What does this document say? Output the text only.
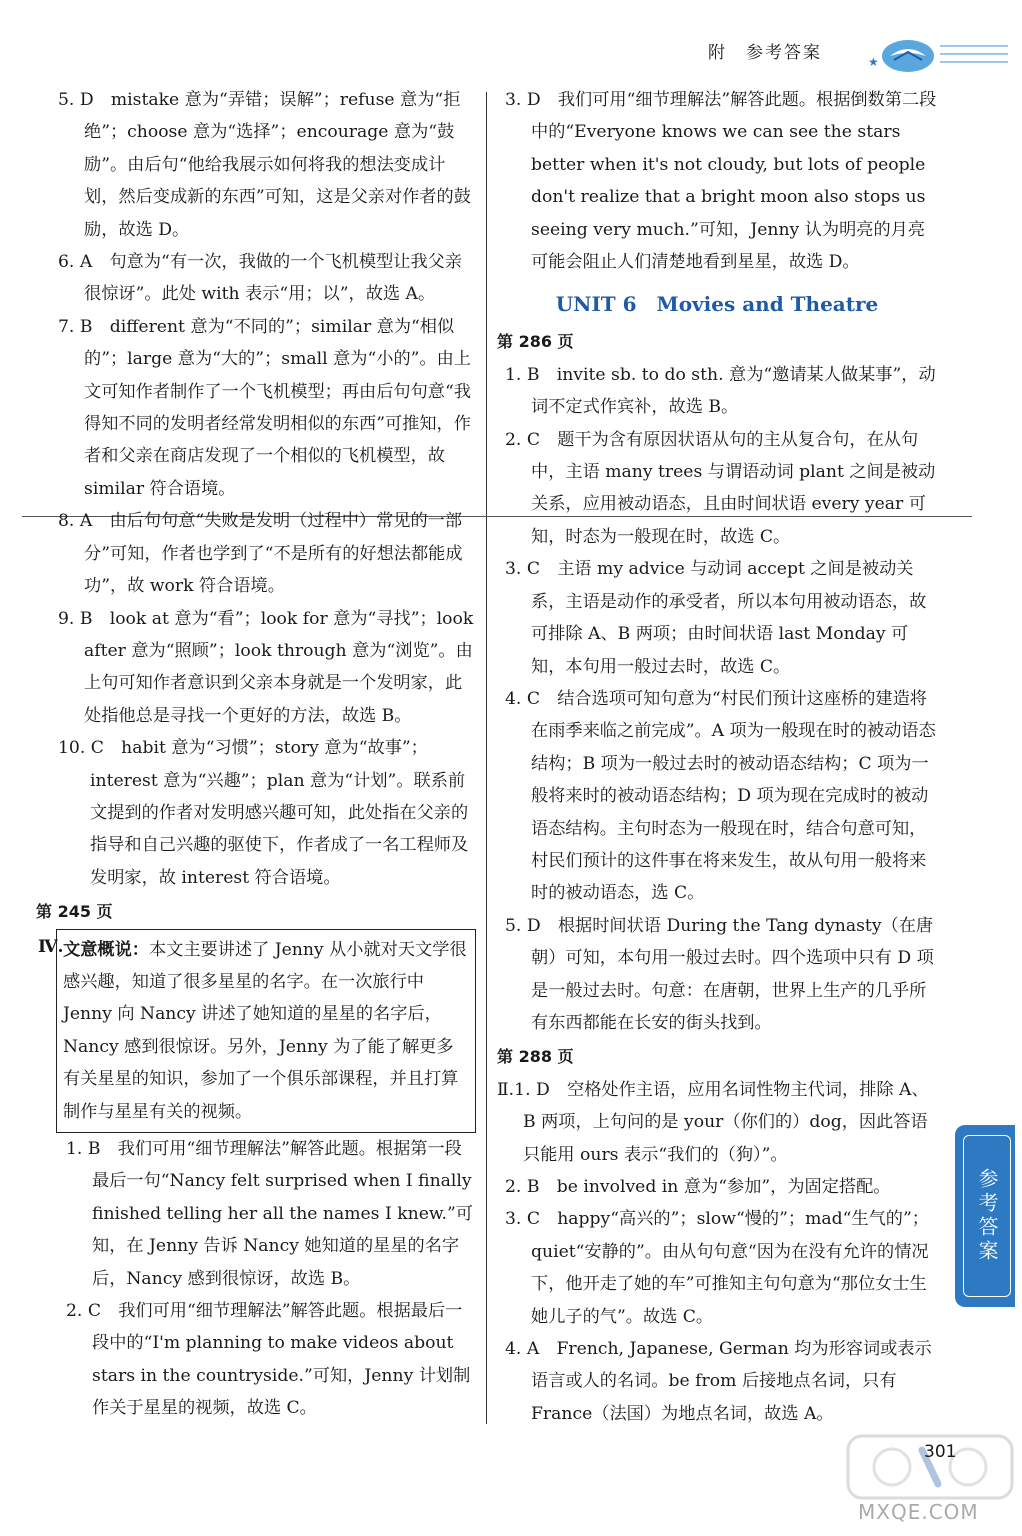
附　参考答案	★

5. D　 mistake 意为“弄错；误解”；refuse 意为“拒绝”；choose 意为“选择”；encourage 意为“鼓励”。由后句“他给我展示如何将我的想法变成计划，然后变成新的东西”可知，这是父亲对作者的鼓励，故选 D。

6. A　 句意为“有一次，我做的一个飞机模型让我父亲很惊讶”。此处 with 表示“用；以”，故选 A。

7. B　 different 意为“不同的”；similar 意为“相似的”；large 意为“大的”；small 意为“小的”。由上文可知作者制作了一个飞机模型；再由后句句意“我得知不同的发明者经常发明相似的东西”可推知，作者和父亲在商店发现了一个相似的飞机模型，故 similar 符合语境。

8. A　 由后句句意“失败是发明（过程中）常见的一部分”可知，作者也学到了“不是所有的好想法都能成功”，故 work 符合语境。

9. B　 look at 意为“看”；look for 意为“寻找”；look after 意为“照顾”；look through 意为“浏览”。由上句可知作者意识到父亲本身就是一个发明家，此处指他总是寻找一个更好的方法，故选 B。

10. C　 habit 意为“习惯”；story 意为“故事”；interest 意为“兴趣”；plan 意为“计划”。联系前文提到的作者对发明感兴趣可知，此处指在父亲的指导和自己兴趣的驱使下，作者成了一名工程师及发明家，故 interest 符合语境。

第 245 页

Ⅳ. 文意概说：本文主要讲述了 Jenny 从小就对天文学很感兴趣，知道了很多星星的名字。在一次旅行中 Jenny 向 Nancy 讲述了她知道的星星的名字后，Nancy 感到很惊讶。另外，Jenny 为了能了解更多有关星星的知识，参加了一个俱乐部课程，并且打算制作与星星有关的视频。

1. B　 我们可用“细节理解法”解答此题。根据第一段最后一句“Nancy felt surprised when I finally finished telling her all the names I knew.”可知，在 Jenny 告诉 Nancy 她知道的星星的名字后，Nancy 感到很惊讶，故选 B。

2. C　 我们可用“细节理解法”解答此题。根据最后一段中的“I'm planning to make videos about stars in the countryside.”可知，Jenny 计划制作关于星星的视频，故选 C。

3. D　 我们可用“细节理解法”解答此题。根据倒数第二段中的“Everyone knows we can see the stars better when it's not cloudy, but lots of people don't realize that a bright moon also stops us seeing very much.”可知，Jenny 认为明亮的月亮可能会阻止人们清楚地看到星星，故选 D。

UNIT 6　Movies and Theatre

第 286 页

1. B　 invite sb. to do sth. 意为“邀请某人做某事”，动词不定式作宾补，故选 B。

2. C　 题干为含有原因状语从句的主从复合句，在从句中，主语 many trees 与谓语动词 plant 之间是被动关系，应用被动语态，且由时间状语 every year 可知，时态为一般现在时，故选 C。

3. C　 主语 my advice 与动词 accept 之间是被动关系，主语是动作的承受者，所以本句用被动语态，故可排除 A、B 两项；由时间状语 last Monday 可知，本句用一般过去时，故选 C。

4. C　 结合选项可知句意为“村民们预计这座桥的建造将在雨季来临之前完成”。A 项为一般现在时的被动语态结构；B 项为一般过去时的被动语态结构；C 项为一般将来时的被动语态结构；D 项为现在完成时的被动语态结构。主句时态为一般现在时，结合句意可知，村民们预计的这件事在将来发生，故从句用一般将来时的被动语态，选 C。

5. D　 根据时间状语 During the Tang dynasty（在唐朝）可知，本句用一般过去时。四个选项中只有 D 项是一般过去时。句意：在唐朝，世界上生产的几乎所有东西都能在长安的街头找到。

第 288 页

Ⅱ.1. D　 空格处作主语，应用名词性物主代词，排除 A、B 两项，上句问的是 your（你们的）dog，因此答语只能用 ours 表示“我们的（狗）”。

2. B　 be involved in 意为“参加”，为固定搭配。

3. C　 happy“高兴的”；slow“慢的”；mad“生气的”；quiet“安静的”。由从句句意“因为在没有允许的情况下，他开走了她的车”可推知主句句意为“那位女士生她儿子的气”。故选 C。

4. A　 French, Japanese, German 均为形容词或表示语言或人的名词。be from 后接地点名词，只有 France（法国）为地点名词，故选 A。

参考答案
301
MXQE.COM
